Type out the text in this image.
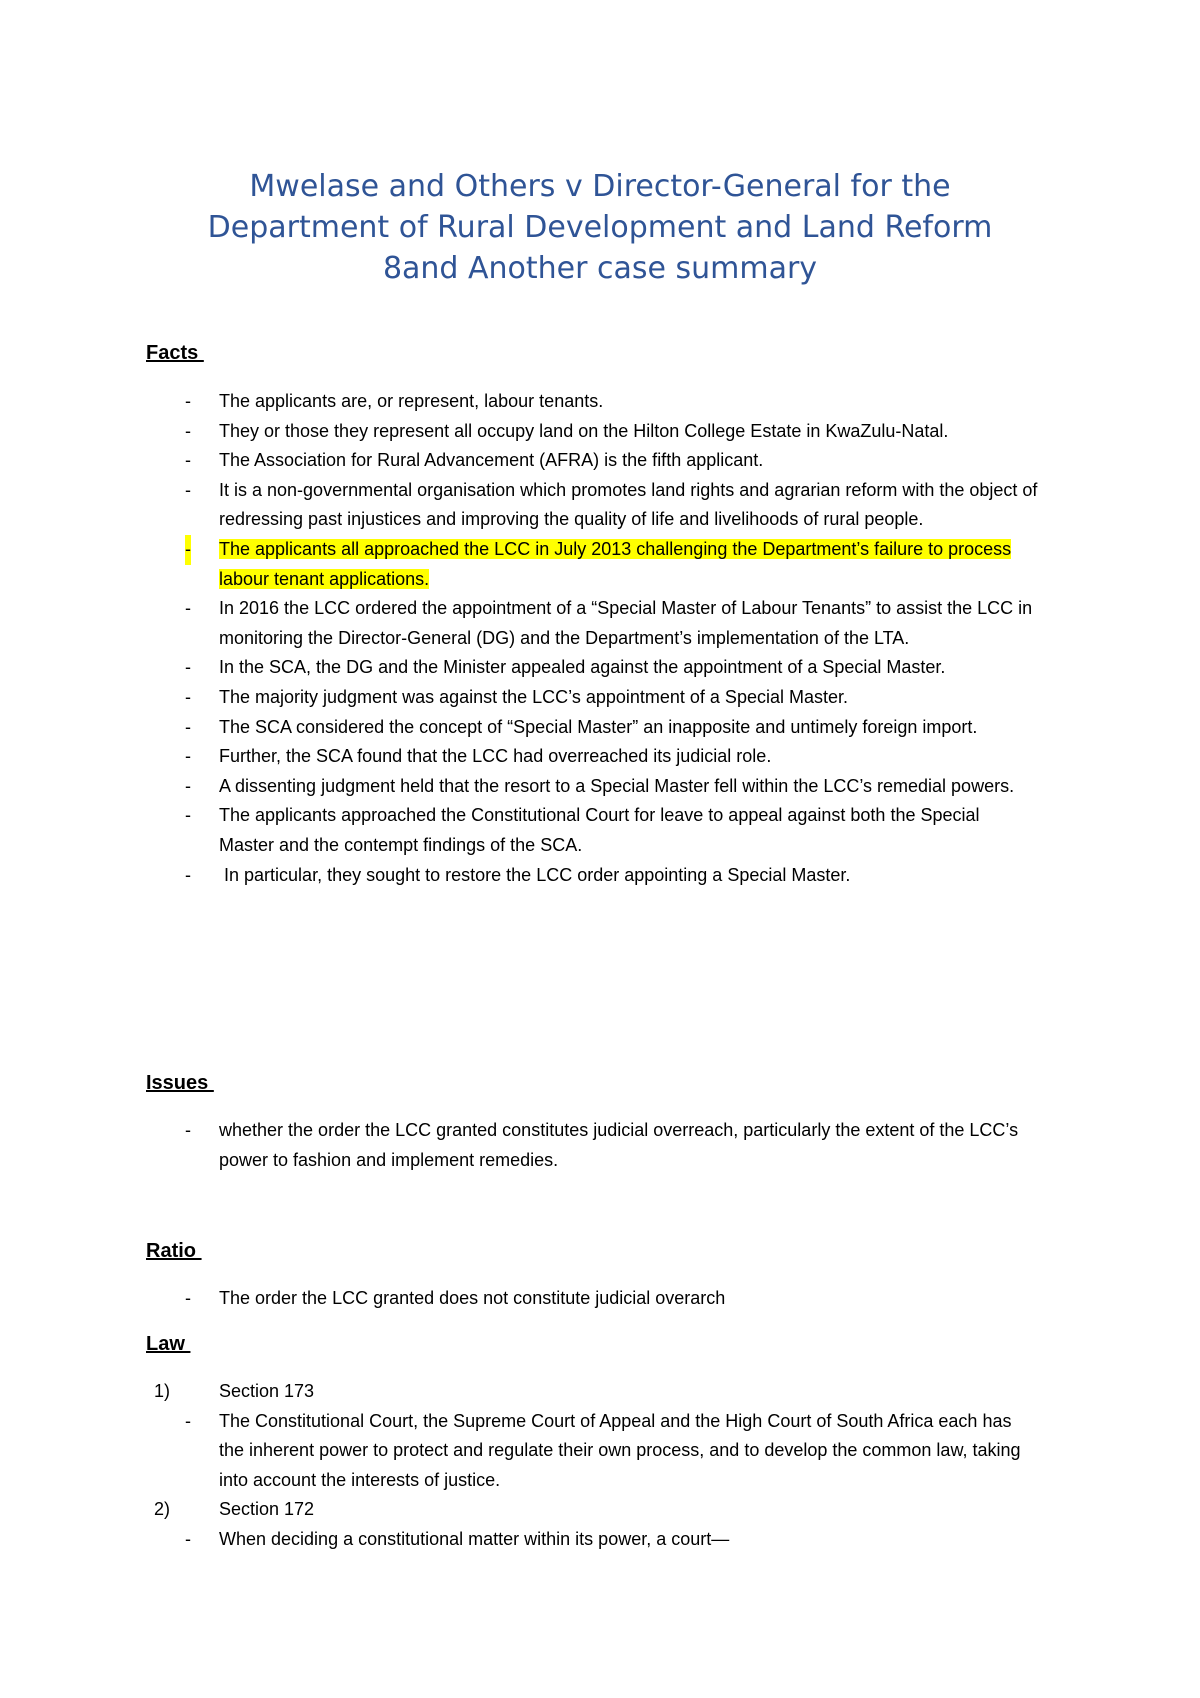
Mwelase and Others v Director-General for the
Department of Rural Development and Land Reform
8and Another case summary
Facts
- The applicants are, or represent, labour tenants.
- They or those they represent all occupy land on the Hilton College Estate in KwaZulu-Natal.
- The Association for Rural Advancement (AFRA) is the fifth applicant.
- It is a non-governmental organisation which promotes land rights and agrarian reform with the object of redressing past injustices and improving the quality of life and livelihoods of rural people.
- The applicants all approached the LCC in July 2013 challenging the Department’s failure to process labour tenant applications.
- In 2016 the LCC ordered the appointment of a “Special Master of Labour Tenants” to assist the LCC in monitoring the Director-General (DG) and the Department’s implementation of the LTA.
- In the SCA, the DG and the Minister appealed against the appointment of a Special Master.
- The majority judgment was against the LCC’s appointment of a Special Master.
- The SCA considered the concept of “Special Master” an inapposite and untimely foreign import.
- Further, the SCA found that the LCC had overreached its judicial role.
- A dissenting judgment held that the resort to a Special Master fell within the LCC’s remedial powers.
- The applicants approached the Constitutional Court for leave to appeal against both the Special Master and the contempt findings of the SCA.
- In particular, they sought to restore the LCC order appointing a Special Master.
Issues
- whether the order the LCC granted constitutes judicial overreach, particularly the extent of the LCC’s power to fashion and implement remedies.
Ratio
- The order the LCC granted does not constitute judicial overarch
Law
1)	Section 173
- The Constitutional Court, the Supreme Court of Appeal and the High Court of South Africa each has the inherent power to protect and regulate their own process, and to develop the common law, taking into account the interests of justice.
2)	Section 172
- When deciding a constitutional matter within its power, a court—
